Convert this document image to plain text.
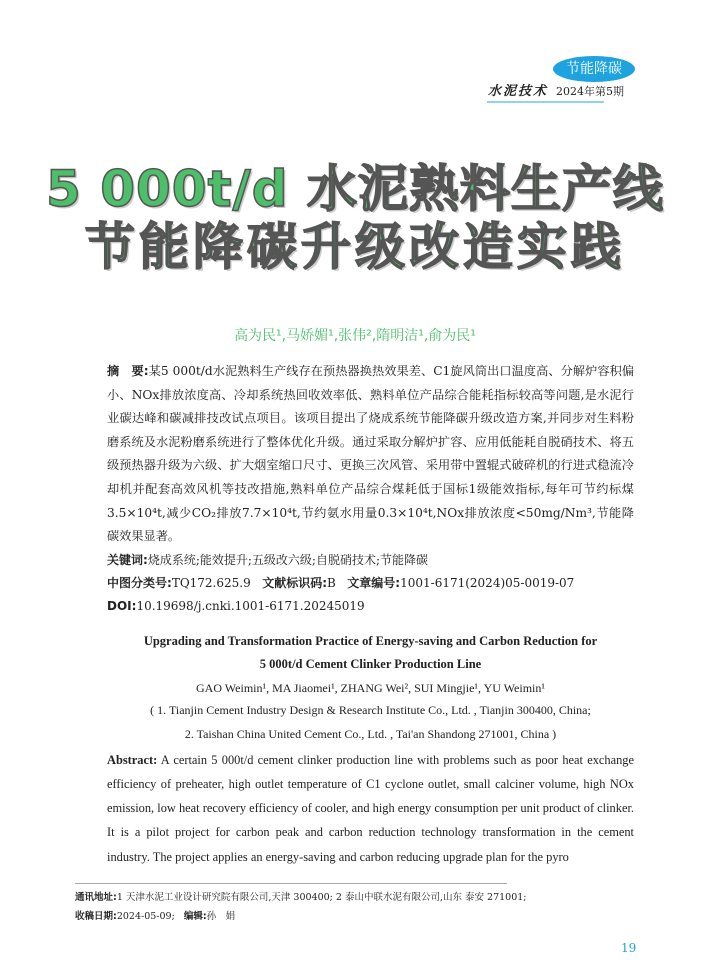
节能降碳
水泥技术 2024年第5期
5 000t/d 水泥熟料生产线
节能降碳升级改造实践
高为民¹,马娇媚¹,张伟²,隋明洁¹,俞为民¹
摘　要:某5 000t/d水泥熟料生产线存在预热器换热效果差、C1旋风筒出口温度高、分解炉容积偏小、NOx排放浓度高、冷却系统热回收效率低、熟料单位产品综合能耗指标较高等问题,是水泥行业碳达峰和碳减排技改试点项目。该项目提出了烧成系统节能降碳升级改造方案,并同步对生料粉磨系统及水泥粉磨系统进行了整体优化升级。通过采取分解炉扩容、应用低能耗自脱硝技术、将五级预热器升级为六级、扩大烟室缩口尺寸、更换三次风管、采用带中置辊式破碎机的行进式稳流冷却机并配套高效风机等技改措施,熟料单位产品综合煤耗低于国标1级能效指标,每年可节约标煤3.5×10⁴t,减少CO₂排放7.7×10⁴t,节约氨水用量0.3×10⁴t,NOx排放浓度<50mg/Nm³,节能降碳效果显著。
关键词:烧成系统;能效提升;五级改六级;自脱硝技术;节能降碳
中图分类号:TQ172.625.9 文献标识码:B 文章编号:1001-6171(2024)05-0019-07
DOI:10.19698/j.cnki.1001-6171.20245019
Upgrading and Transformation Practice of Energy-saving and Carbon Reduction for
5 000t/d Cement Clinker Production Line
GAO Weimin¹, MA Jiaomei¹, ZHANG Wei², SUI Mingjie¹, YU Weimin¹
( 1. Tianjin Cement Industry Design & Research Institute Co., Ltd. , Tianjin 300400, China;
2. Taishan China United Cement Co., Ltd. , Tai'an Shandong 271001, China )
Abstract: A certain 5 000t/d cement clinker production line with problems such as poor heat exchange efficiency of preheater, high outlet temperature of C1 cyclone outlet, small calciner volume, high NOx emission, low heat recovery efficiency of cooler, and high energy consumption per unit product of clinker. It is a pilot project for carbon peak and carbon reduction technology transformation in the cement industry. The project applies an energy-saving and carbon reducing upgrade plan for the pyro
通讯地址:1 天津水泥工业设计研究院有限公司,天津 300400; 2 泰山中联水泥有限公司,山东 泰安 271001;
收稿日期:2024-05-09; 编辑:孙　娟
19
